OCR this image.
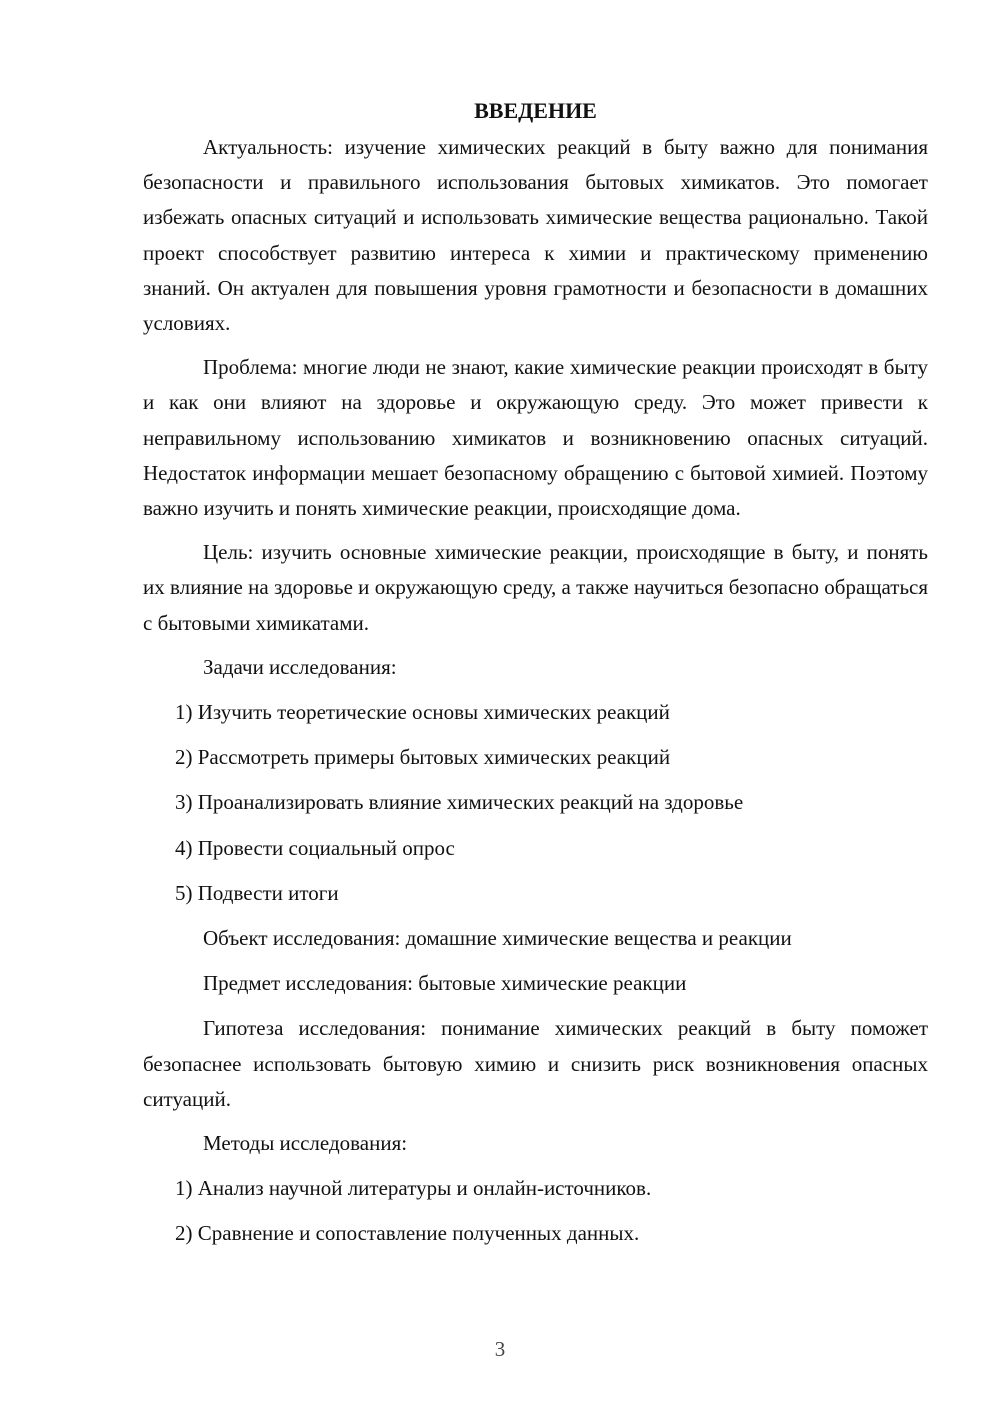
ВВЕДЕНИЕ

Актуальность: изучение химических реакций в быту важно для понимания безопасности и правильного использования бытовых химикатов. Это помогает избежать опасных ситуаций и использовать химические вещества рационально. Такой проект способствует развитию интереса к химии и практическому применению знаний. Он актуален для повышения уровня грамотности и безопасности в домашних условиях.

Проблема: многие люди не знают, какие химические реакции происходят в быту и как они влияют на здоровье и окружающую среду. Это может привести к неправильному использованию химикатов и возникновению опасных ситуаций. Недостаток информации мешает безопасному обращению с бытовой химией. Поэтому важно изучить и понять химические реакции, происходящие дома.

Цель: изучить основные химические реакции, происходящие в быту, и понять их влияние на здоровье и окружающую среду, а также научиться безопасно обращаться с бытовыми химикатами.

Задачи исследования:
1) Изучить теоретические основы химических реакций
2) Рассмотреть примеры бытовых химических реакций
3) Проанализировать влияние химических реакций на здоровье
4) Провести социальный опрос
5) Подвести итоги
Объект исследования: домашние химические вещества и реакции
Предмет исследования: бытовые химические реакции

Гипотеза исследования: понимание химических реакций в быту поможет безопаснее использовать бытовую химию и снизить риск возникновения опасных ситуаций.

Методы исследования:
1) Анализ научной литературы и онлайн-источников.
2) Сравнение и сопоставление полученных данных.
3
